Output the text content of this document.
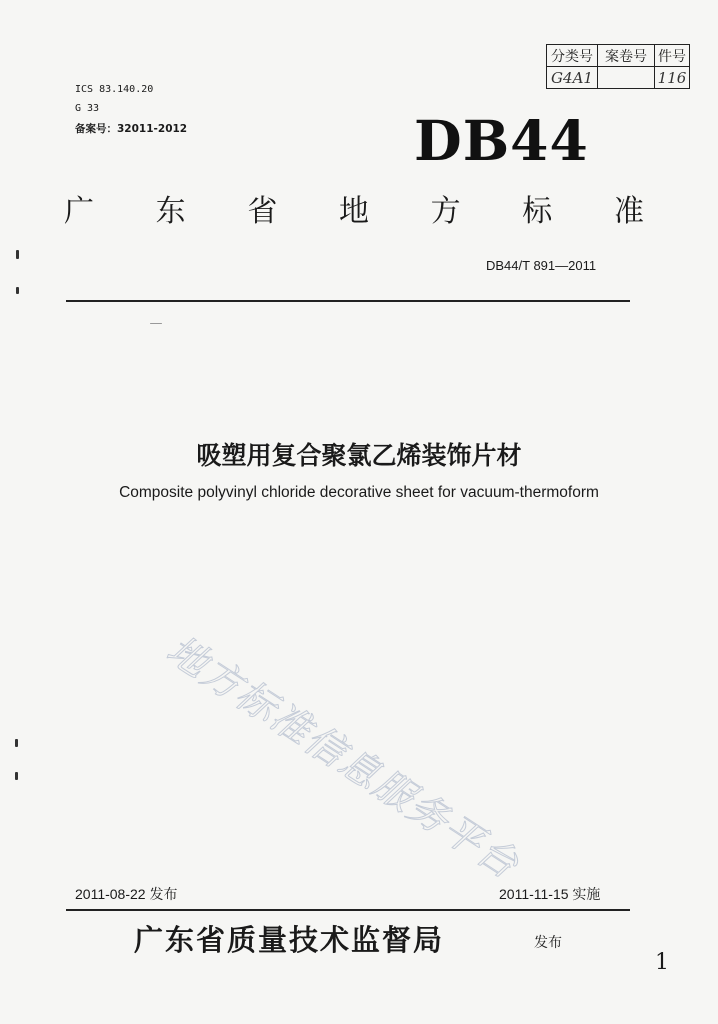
分类号	案卷号	件号
G4A1		116
ICS 83.140.20
G 33
备案号：32011-2012	DB44
广 东 省 地 方 标 准
DB44/T 891—2011
吸塑用复合聚氯乙烯装饰片材
Composite polyvinyl chloride decorative sheet for vacuum-thermoform
地方标准信息服务平台
2011-08-22 发布	2011-11-15 实施
广东省质量技术监督局	发布
1
